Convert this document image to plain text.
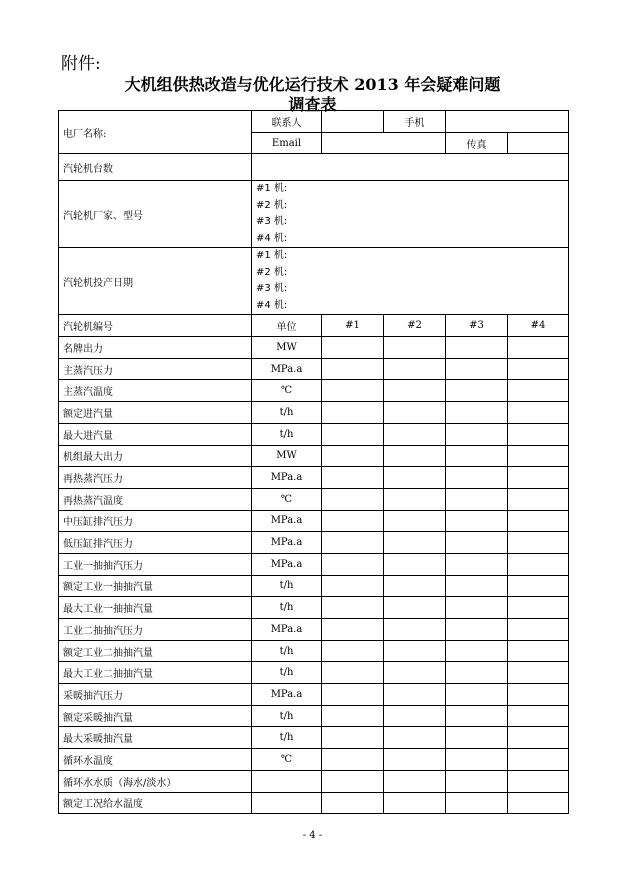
附件:
大机组供热改造与优化运行技术 2013 年会疑难问题
调查表
电厂名称:	联系人		手机		
	Email			传真	
汽轮机台数					
汽轮机厂家、型号	#1 机:
#2 机:
#3 机:
#4 机:				

汽轮机投产日期	#1 机:
#2 机:
#3 机:
#4 机:				

汽轮机编号	单位	#1	#2	#3	#4
名牌出力	MW				
主蒸汽压力	MPa.a				
主蒸汽温度	℃				
额定进汽量	t/h				
最大进汽量	t/h				
机组最大出力	MW				
再热蒸汽压力	MPa.a				
再热蒸汽温度	℃				
中压缸排汽压力	MPa.a				
低压缸排汽压力	MPa.a				
工业一抽抽汽压力	MPa.a				
额定工业一抽抽汽量	t/h				
最大工业一抽抽汽量	t/h				
工业二抽抽汽压力	MPa.a				
额定工业二抽抽汽量	t/h				
最大工业二抽抽汽量	t/h				
采暖抽汽压力	MPa.a				
额定采暖抽汽量	t/h				
最大采暖抽汽量	t/h				
循环水温度	℃				
循环水水质（海水/淡水）					
额定工况给水温度					
- 4 -
